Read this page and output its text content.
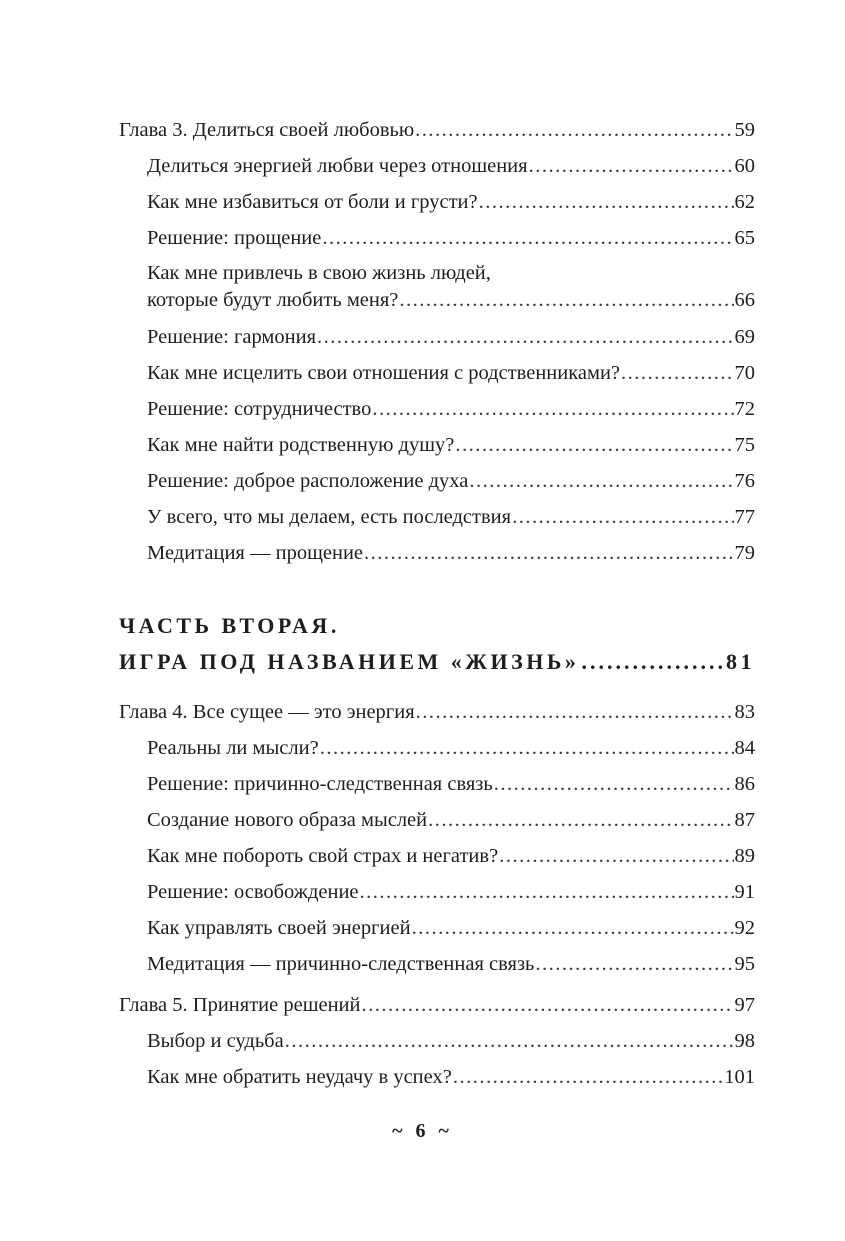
Глава 3. Делиться своей любовью .....	59
Делиться энергией любви через отношения .....	60
Как мне избавиться от боли и грусти? .....	62
Решение: прощение .....	65
Как мне привлечь в свою жизнь людей,
которые будут любить меня? .....	66
Решение: гармония .....	69
Как мне исцелить свои отношения с родственниками? .....	70
Решение: сотрудничество .....	72
Как мне найти родственную душу? .....	75
Решение: доброе расположение духа .....	76
У всего, что мы делаем, есть последствия .....	77
Медитация — прощение .....	79
ЧАСТЬ ВТОРАЯ.
ИГРА ПОД НАЗВАНИЕМ «ЖИЗНЬ» .....	81
Глава 4. Все сущее — это энергия .....	83
Реальны ли мысли? .....	84
Решение: причинно-следственная связь .....	86
Создание нового образа мыслей .....	87
Как мне побороть свой страх и негатив? .....	89
Решение: освобождение .....	91
Как управлять своей энергией .....	92
Медитация — причинно-следственная связь .....	95
Глава 5. Принятие решений .....	97
Выбор и судьба .....	98
Как мне обратить неудачу в успех? .....	101
~ 6 ~
